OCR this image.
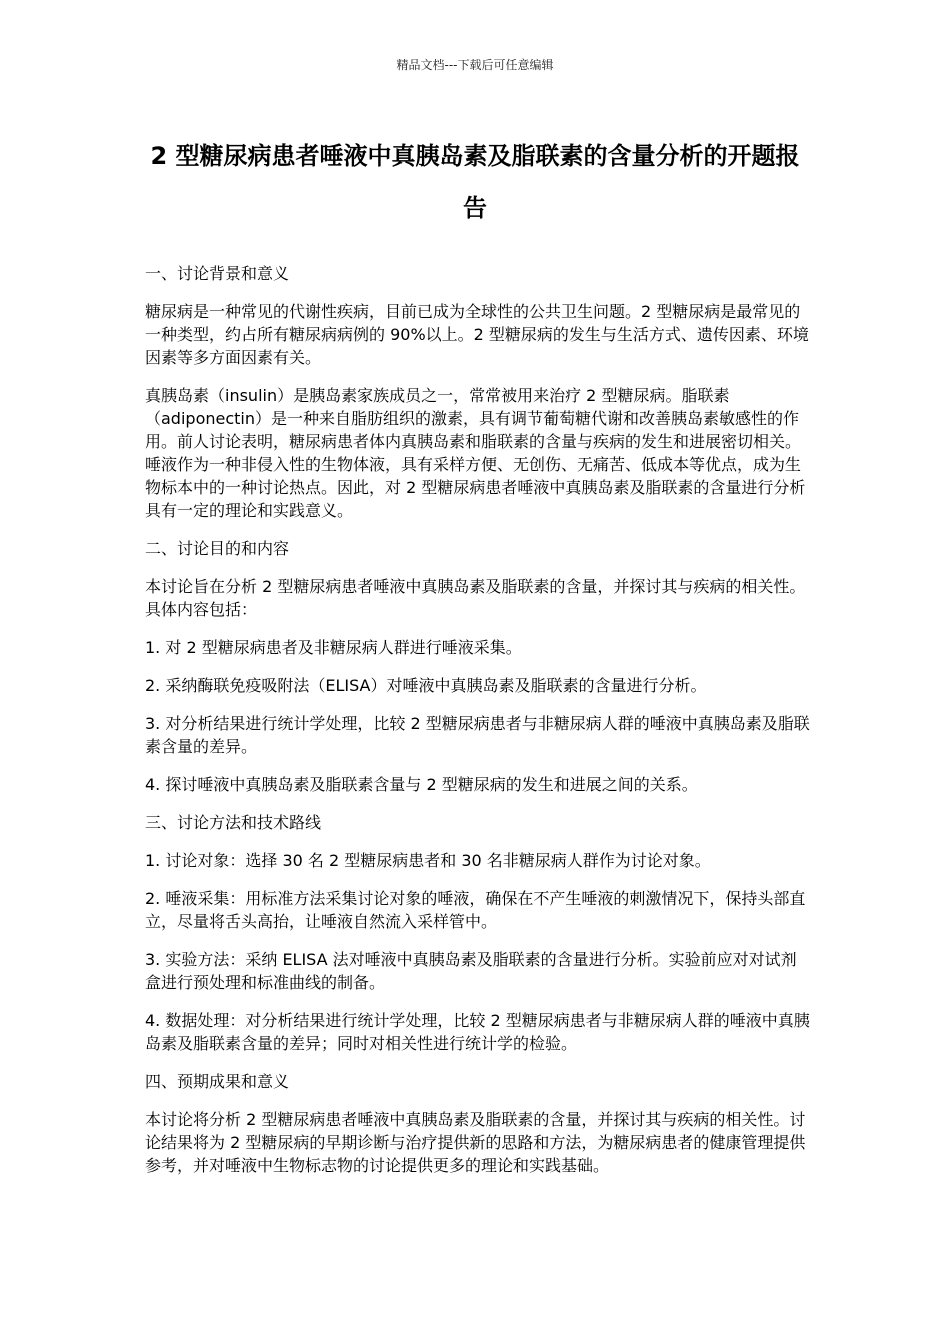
精品文档---下载后可任意编辑
2 型糖尿病患者唾液中真胰岛素及脂联素的含量分析的开题报告

一、讨论背景和意义

糖尿病是一种常见的代谢性疾病，目前已成为全球性的公共卫生问题。2 型糖尿病是最常见的一种类型，约占所有糖尿病病例的 90%以上。2 型糖尿病的发生与生活方式、遗传因素、环境因素等多方面因素有关。

真胰岛素（insulin）是胰岛素家族成员之一，常常被用来治疗 2 型糖尿病。脂联素（adiponectin）是一种来自脂肪组织的激素，具有调节葡萄糖代谢和改善胰岛素敏感性的作用。前人讨论表明，糖尿病患者体内真胰岛素和脂联素的含量与疾病的发生和进展密切相关。唾液作为一种非侵入性的生物体液，具有采样方便、无创伤、无痛苦、低成本等优点，成为生物标本中的一种讨论热点。因此，对 2 型糖尿病患者唾液中真胰岛素及脂联素的含量进行分析具有一定的理论和实践意义。

二、讨论目的和内容

本讨论旨在分析 2 型糖尿病患者唾液中真胰岛素及脂联素的含量，并探讨其与疾病的相关性。 具体内容包括：

1. 对 2 型糖尿病患者及非糖尿病人群进行唾液采集。

2. 采纳酶联免疫吸附法（ELISA）对唾液中真胰岛素及脂联素的含量进行分析。

3. 对分析结果进行统计学处理，比较 2 型糖尿病患者与非糖尿病人群的唾液中真胰岛素及脂联素含量的差异。

4. 探讨唾液中真胰岛素及脂联素含量与 2 型糖尿病的发生和进展之间的关系。

三、讨论方法和技术路线

1. 讨论对象：选择 30 名 2 型糖尿病患者和 30 名非糖尿病人群作为讨论对象。

2. 唾液采集：用标准方法采集讨论对象的唾液，确保在不产生唾液的刺激情况下，保持头部直立，尽量将舌头高抬，让唾液自然流入采样管中。

3. 实验方法：采纳 ELISA 法对唾液中真胰岛素及脂联素的含量进行分析。实验前应对对试剂盒进行预处理和标准曲线的制备。

4. 数据处理：对分析结果进行统计学处理，比较 2 型糖尿病患者与非糖尿病人群的唾液中真胰岛素及脂联素含量的差异；同时对相关性进行统计学的检验。

四、预期成果和意义

本讨论将分析 2 型糖尿病患者唾液中真胰岛素及脂联素的含量，并探讨其与疾病的相关性。讨论结果将为 2 型糖尿病的早期诊断与治疗提供新的思路和方法，为糖尿病患者的健康管理提供参考，并对唾液中生物标志物的讨论提供更多的理论和实践基础。
